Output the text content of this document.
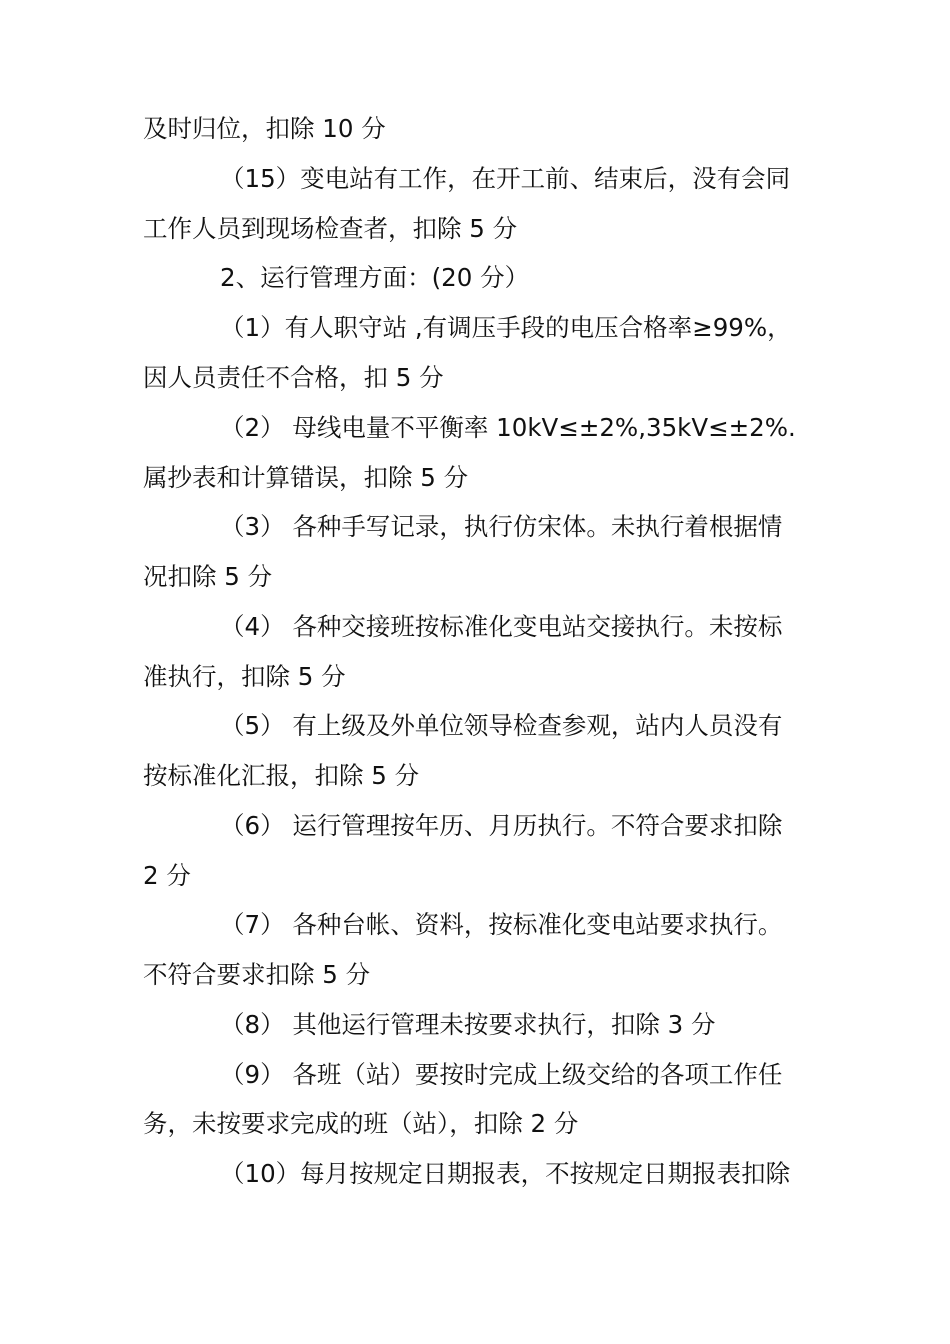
及时归位，扣除 10 分
（15）变电站有工作，在开工前、结束后，没有会同
工作人员到现场检查者，扣除 5 分
2、运行管理方面：(20 分）
（1）有人职守站 ,有调压手段的电压合格率≥99%，
因人员责任不合格，扣 5 分
（2） 母线电量不平衡率 10kV≤±2%,35kV≤±2%.
属抄表和计算错误，扣除 5 分
（3） 各种手写记录，执行仿宋体。未执行着根据情
况扣除 5 分
（4） 各种交接班按标准化变电站交接执行。未按标
准执行，扣除 5 分
（5） 有上级及外单位领导检查参观，站内人员没有
按标准化汇报，扣除 5 分
（6） 运行管理按年历、月历执行。不符合要求扣除
2 分
（7） 各种台帐、资料，按标准化变电站要求执行。
不符合要求扣除 5 分
（8） 其他运行管理未按要求执行，扣除 3 分
（9） 各班（站）要按时完成上级交给的各项工作任
务，未按要求完成的班（站），扣除 2 分
（10）每月按规定日期报表，不按规定日期报表扣除
